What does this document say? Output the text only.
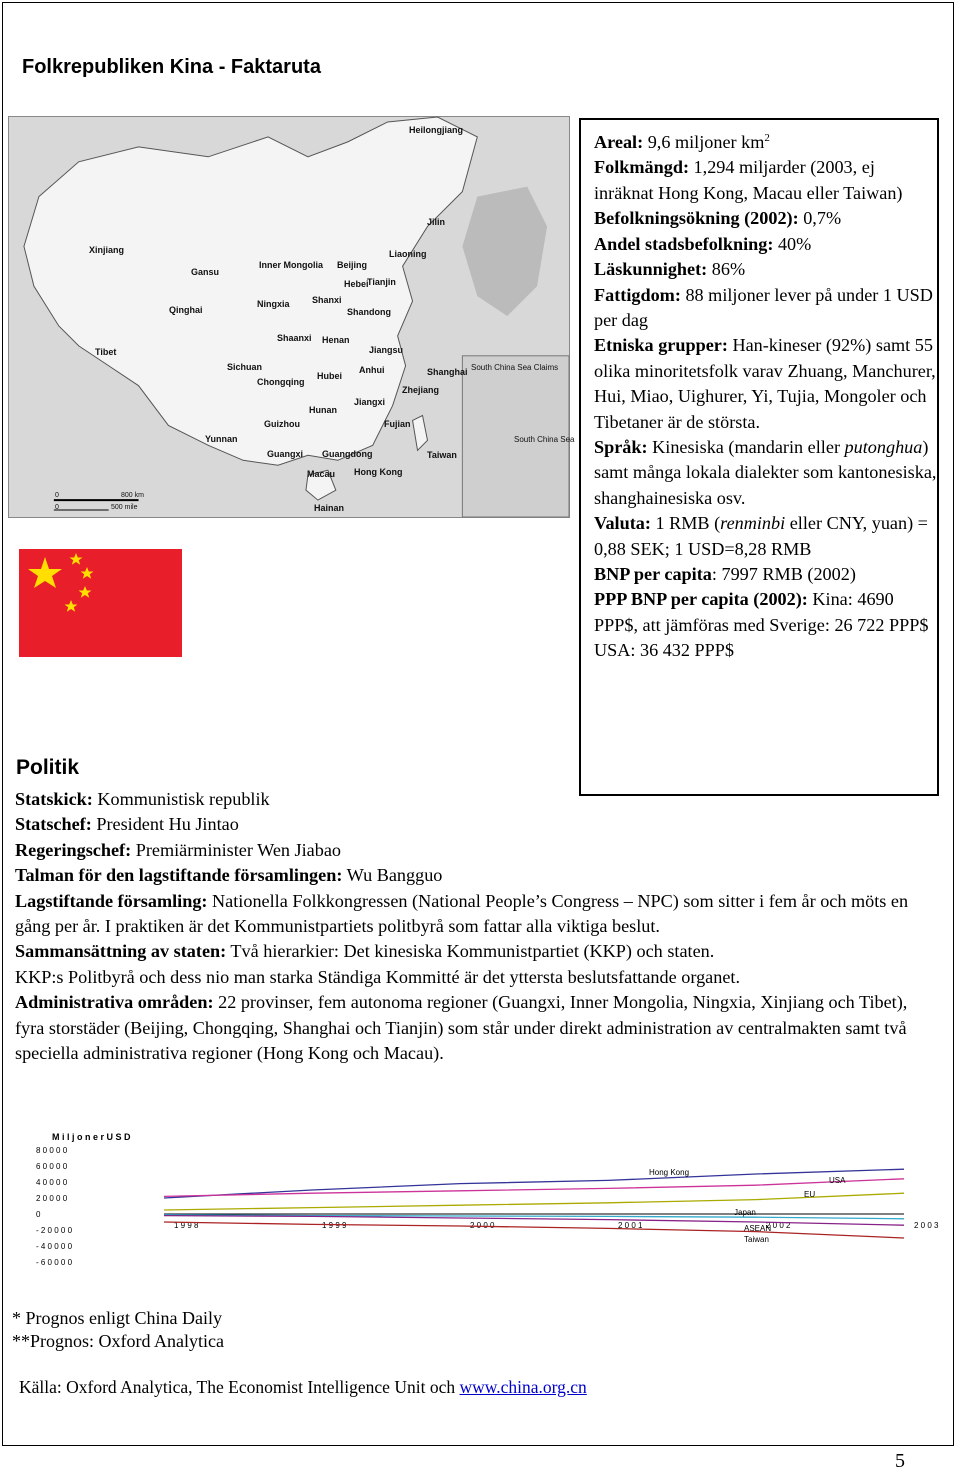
Folkrepubliken Kina - Faktaruta
Heilongjiang
Jilin
Liaoning
Xinjiang
Gansu
Inner Mongolia Beijing
Hebei
Tianjin
Qinghai
Ningxia Shanxi
Shandong
Tibet
Shaanxi Henan
Jiangsu
Sichuan
Chongqing
Hubei
Anhui	Shanghai
Zhejiang
Hunan
Jiangxi
Guizhou	Fujian
Yunnan
Guangxi Guangdong	Taiwan
Macau Hong Kong
Hainan
South China Sea Claims
South China Sea
0	800 km
0	500 mile
Areal: 9,6 miljoner $km^2$
Folkmängd: 1,294 miljarder (2003, ej inräknat Hong Kong, Macau eller Taiwan)
Befolkningsökning (2002): 0,7%
Andel stadsbefolkning: 40%
Läskunnighet: 86%
Fattigdom: 88 miljoner lever på under 1 USD per dag
Etniska grupper: Han-kineser (92%) samt 55 olika minoritetsfolk varav Zhuang, Manchurer, Hui, Miao, Uighurer, Yi, Tujia, Mongoler och Tibetaner är de största.
Språk: Kinesiska (mandarin eller putonghua) samt många lokala dialekter som kantonesiska, shanghainesiska osv.
Valuta: 1 RMB (renminbi eller CNY, yuan) = 0,88 SEK; 1 USD=8,28 RMB
BNP per capita: 7997 RMB (2002)
PPP BNP per capita (2002): Kina: 4690 PPP$, att jämföras med Sverige: 26 722 PPP$ USA: 36 432 PPP$
Politik

Statskick: Kommunistisk republik

Statschef: President Hu Jintao

Regeringschef: Premiärminister Wen Jiabao

Talman för den lagstiftande församlingen: Wu Bangguo

Lagstiftande församling: Nationella Folkkongressen (National People’s Congress – NPC) som sitter i fem år och möts en gång per år. I praktiken är det Kommunistpartiets politbyrå som fattar alla viktiga beslut.

Sammansättning av staten: Två hierarkier: Det kinesiska Kommunistpartiet (KKP) och staten.

KKP:s Politbyrå och dess nio man starka Ständiga Kommitté är det yttersta beslutsfattande organet.

Administrativa områden: 22 provinser, fem autonoma regioner (Guangxi, Inner Mongolia, Ningxia, Xinjiang och Tibet), fyra storstäder (Beijing, Chongqing, Shanghai och Tianjin) som står under direkt administration av centralmakten samt två speciella administrativa regioner (Hong Kong och Macau).

M i l j o n e r U S D
8 0 0 0 0
6 0 0 0 0
4 0 0 0 0
2 0 0 0 0
0
- 2 0 0 0 0
- 4 0 0 0 0
- 6 0 0 0 0
1 9 9 8	1 9 9 9	2 0 0 0	2 0 0 1	2 0 0 2	2 0 0 3
Hong Kong
USA
EU
Japan
ASEAN
Taiwan
* Prognos enligt China Daily
**Prognos: Oxford Analytica
Källa: Oxford Analytica, The Economist Intelligence Unit och www.china.org.cn
5
